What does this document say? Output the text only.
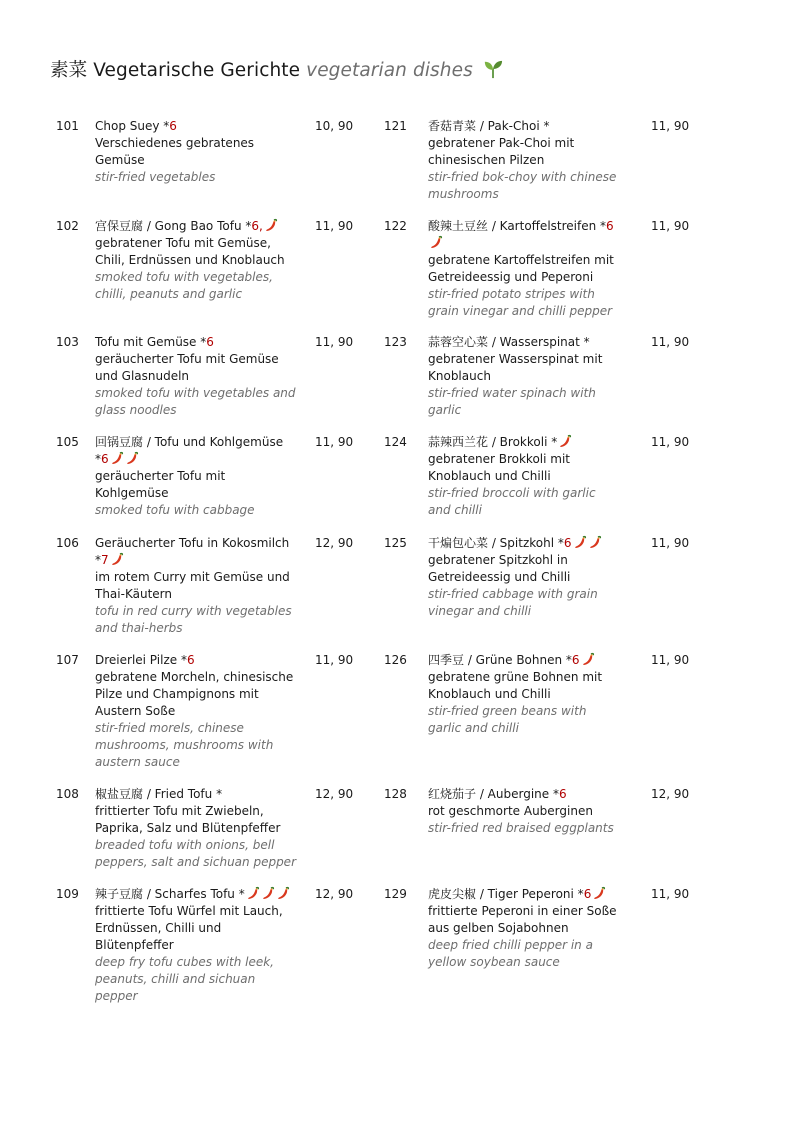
素菜 Vegetarische Gerichte vegetarian dishes
101 Chop Suey *6
Verschiedenes gebratenes Gemüse
stir-fried vegetables
10, 90
102 宫保豆腐 / Gong Bao Tofu *6,

gebratener Tofu mit Gemüse, Chili, Erdnüssen und Knoblauch
smoked tofu with vegetables, chilli, peanuts and garlic
11, 90
103 Tofu mit Gemüse *6
geräucherter Tofu mit Gemüse und Glasnudeln
smoked tofu with vegetables and glass noodles
11, 90
105 回锅豆腐 / Tofu und Kohlgemüse *6

geräucherter Tofu mit Kohlgemüse
smoked tofu with cabbage
11, 90
106 Geräucherter Tofu in Kokosmilch *7

im rotem Curry mit Gemüse und Thai-Käutern
tofu in red curry with vegetables and thai-herbs
12, 90
107 Dreierlei Pilze *6
gebratene Morcheln, chinesische Pilze und Champignons mit Austern Soße
stir-fried morels, chinese mushrooms, mushrooms with austern sauce
11, 90
108 椒盐豆腐 / Fried Tofu *
frittierter Tofu mit Zwiebeln, Paprika, Salz und Blütenpfeffer
breaded tofu with onions, bell peppers, salt and sichuan pepper
12, 90
109 辣子豆腐 / Scharfes Tofu *

frittierte Tofu Würfel mit Lauch, Erdnüssen, Chilli und Blütenpfeffer
deep fry tofu cubes with leek, peanuts, chilli and sichuan pepper
12, 90
121 香菇青菜 / Pak-Choi *
gebratener Pak-Choi mit chinesischen Pilzen
stir-fried bok-choy with chinese mushrooms
11, 90
122 酸辣土豆丝 / Kartoffelstreifen *6

gebratene Kartoffelstreifen mit Getreideessig und Peperoni
stir-fried potato stripes with grain vinegar and chilli pepper
11, 90
123 蒜蓉空心菜 / Wasserspinat *
gebratener Wasserspinat mit Knoblauch
stir-fried water spinach with garlic
11, 90
124 蒜辣西兰花 / Brokkoli *

gebratener Brokkoli mit Knoblauch und Chilli
stir-fried broccoli with garlic and chilli
11, 90
125 干煸包心菜 / Spitzkohl *6

gebratener Spitzkohl in Getreideessig und Chilli
stir-fried cabbage with grain vinegar and chilli
11, 90
126 四季豆 / Grüne Bohnen *6

gebratene grüne Bohnen mit Knoblauch und Chilli
stir-fried green beans with garlic and chilli
11, 90
128 红烧茄子 / Aubergine *6
rot geschmorte Auberginen
stir-fried red braised eggplants
12, 90
129 虎皮尖椒 / Tiger Peperoni *6

frittierte Peperoni in einer Soße aus gelben Sojabohnen
deep fried chilli pepper in a yellow soybean sauce
11, 90
